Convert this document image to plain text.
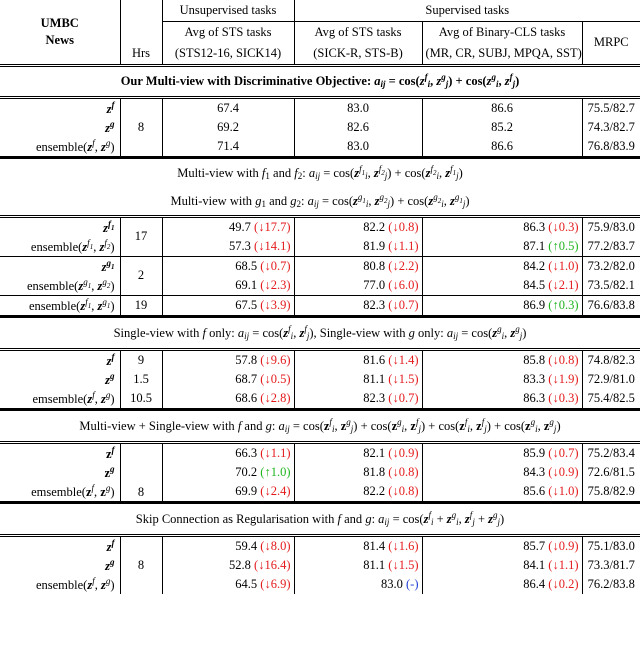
UMBC
News	Hrs	Unsupervised tasks	Supervised tasks		
		Avg of STS tasks	Avg of STS tasks	Avg of Binary-CLS tasks	MRPC
		(STS12-16, SICK14)	(SICK-R, STS-B)	(MR, CR, SUBJ, MPQA, SST)	
Our Multi-view with Discriminative Objective: $a_{ij} = \cos(z^f_i$, $z^g_j) + \cos(z^g_i$, $z^f_j$)					
$z^f$	8	67.4	83.0	86.6	75.5/82.7
$z^g$		69.2	82.6	85.2	74.3/82.7
$ensemble(z^f$, $z^g$)		71.4	83.0	86.6	76.8/83.9
Multi-view with $f_1$ and $f_2$: $a_{ij} = \cos(z^{f_1}_i$, $z^{f_2}_j) + \cos(z^{f_2}_i$, $z^{f_1}_j$)					
Multi-view with $g_1$ and $g_2$: $a_{ij} = \cos(z^{g_1}_i$, $z^{g_2}_j) + \cos(z^{g_2}_i$, $z^{g_1}_j$)					
$z^{f_1}$	17	49.7 (↓17.7)	82.2 (↓0.8)	86.3 (↓0.3)	75.9/83.0
$ensemble(z^{f_1}$, $z^{f_2}$)		57.3 (↓14.1)	81.9 (↓1.1)	87.1 (↑0.5)	77.2/83.7
$z^{g_1}$	2	68.5 (↓0.7)	80.8 (↓2.2)	84.2 (↓1.0)	73.2/82.0
$ensemble(z^{g_1}$, $z^{g_2}$)		69.1 (↓2.3)	77.0 (↓6.0)	84.5 (↓2.1)	73.5/82.1
$ensemble(z^{f_1}$, $z^{g_1}$)	19	67.5 (↓3.9)	82.3 (↓0.7)	86.9 (↑0.3)	76.6/83.8
Single-view with f only: $a_{ij} = \cos(z^f_i$, $z^f_j$), Single-view with g only: $a_{ij} = \cos(z^g_i$, $z^g_j$)					
$z^f$	9	57.8 (↓9.6)	81.6 (↓1.4)	85.8 (↓0.8)	74.8/82.3
$z^g$	1.5	68.7 (↓0.5)	81.1 (↓1.5)	83.3 (↓1.9)	72.9/81.0
$emsemble(z^f$, $z^g$)	10.5	68.6 (↓2.8)	82.3 (↓0.7)	86.3 (↓0.3)	75.4/82.5
Multi-view + Single-view with f and g: $a_{ij} = \cos(z^f_i$, $z^g_j) + \cos(z^g_i$, $z^f_j) + \cos(z^f_i$, $z^f_j) + \cos(z^g_i$, $z^g_j$)					
$z^f$	8	66.3 (↓1.1)	82.1 (↓0.9)	85.9 (↓0.7)	75.2/83.4
$z^g$		70.2 (↑1.0)	81.8 (↓0.8)	84.3 (↓0.9)	72.6/81.5
$emsemble(z^f$, $z^g$)		69.9 (↓2.4)	82.2 (↓0.8)	85.6 (↓1.0)	75.8/82.9
Skip Connection as Regularisation with f and g: $a_{ij} = \cos(z^f_i + z^g_i$, $z^f_j + z^g_j$)					
$z^f$	8	59.4 (↓8.0)	81.4 (↓1.6)	85.7 (↓0.9)	75.1/83.0
$z^g$		52.8 (↓16.4)	81.1 (↓1.5)	84.1 (↓1.1)	73.3/81.7
$ensemble(z^f$, $z^g$)		64.5 (↓6.9)	83.0 (-)	86.4 (↓0.2)	76.2/83.8
